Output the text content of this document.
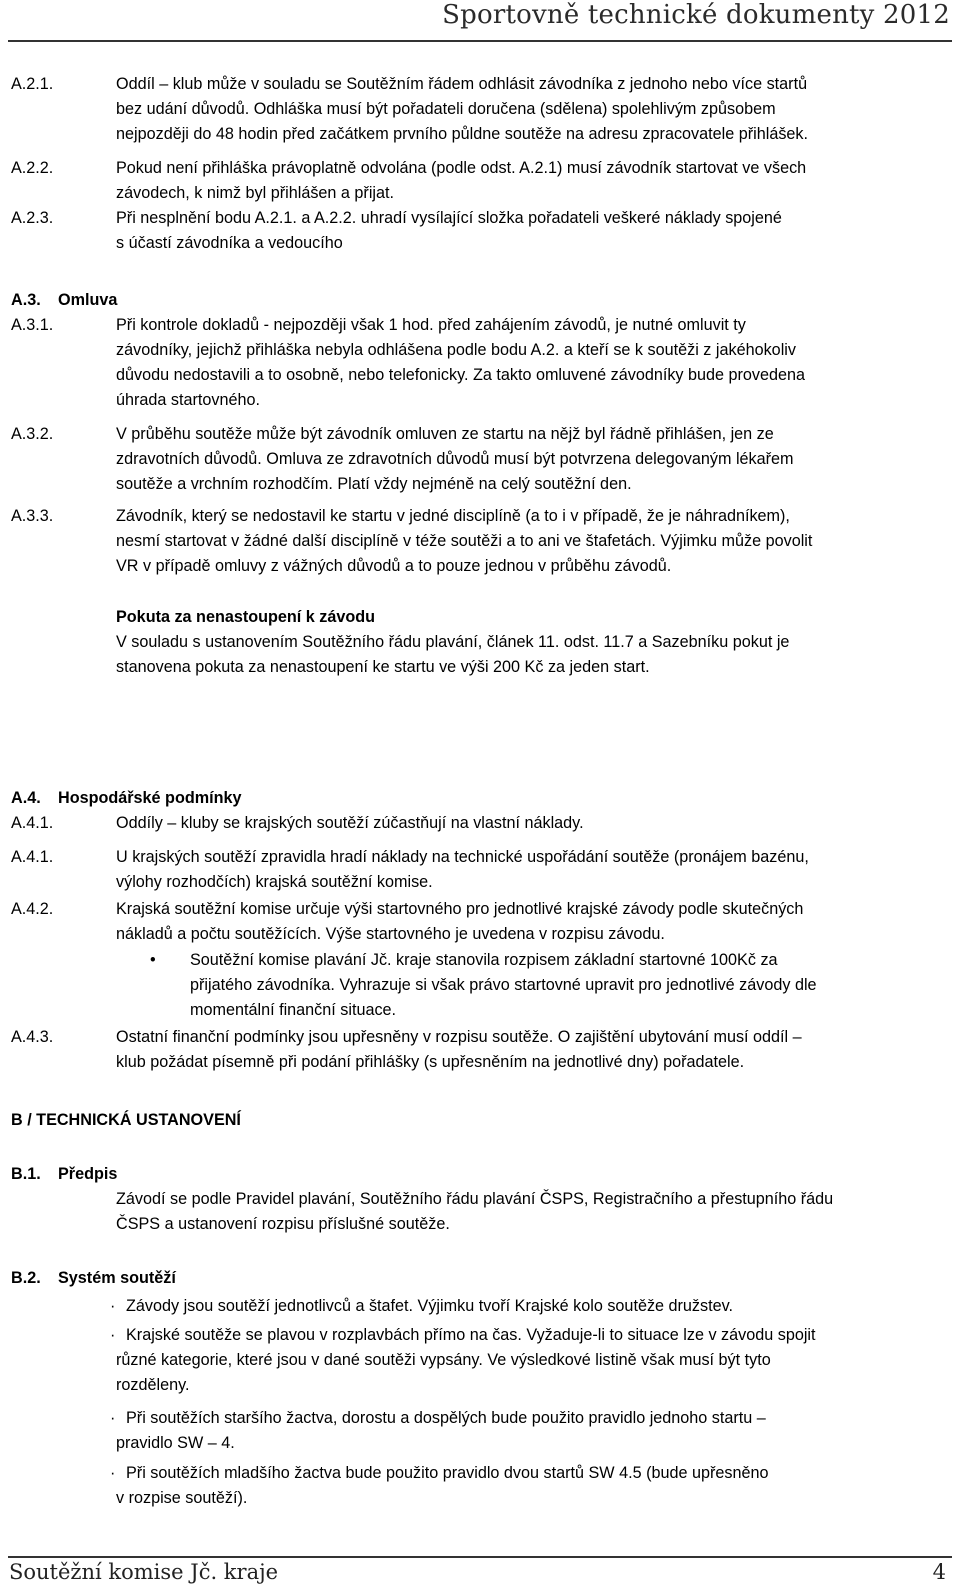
Sportovně technické dokumenty 2012
A.2.1.	Oddíl – klub může v souladu se Soutěžním řádem odhlásit závodníka z jednoho nebo více startů
bez udání důvodů. Odhláška musí být pořadateli doručena (sdělena) spolehlivým způsobem
nejpozději do 48 hodin před začátkem prvního půldne soutěže na adresu zpracovatele přihlášek.
A.2.2.	Pokud není přihláška právoplatně odvolána (podle odst. A.2.1) musí závodník startovat ve všech
závodech, k nimž byl přihlášen a přijat.
A.2.3.	Při nesplnění bodu A.2.1. a A.2.2. uhradí vysílající složka pořadateli veškeré náklady spojené
s účastí závodníka a vedoucího
A.3. Omluva
A.3.1.	Při kontrole dokladů - nejpozději však 1 hod. před zahájením závodů, je nutné omluvit ty
závodníky, jejichž přihláška nebyla odhlášena podle bodu A.2. a kteří se k soutěži z jakéhokoliv
důvodu nedostavili a to osobně, nebo telefonicky. Za takto omluvené závodníky bude provedena
úhrada startovného.
A.3.2.	V průběhu soutěže může být závodník omluven ze startu na nějž byl řádně přihlášen, jen ze
zdravotních důvodů. Omluva ze zdravotních důvodů musí být potvrzena delegovaným lékařem
soutěže a vrchním rozhodčím. Platí vždy nejméně na celý soutěžní den.
A.3.3.	Závodník, který se nedostavil ke startu v jedné disciplíně (a to i v případě, že je náhradníkem),
nesmí startovat v žádné další disciplíně v téže soutěži a to ani ve štafetách. Výjimku může povolit
VR v případě omluvy z vážných důvodů a to pouze jednou v průběhu závodů.
Pokuta za nenastoupení k závodu
V souladu s ustanovením Soutěžního řádu plavání, článek 11. odst. 11.7 a Sazebníku pokut je
stanovena pokuta za nenastoupení ke startu ve výši 200 Kč za jeden start.
A.4. Hospodářské podmínky
A.4.1.	Oddíly – kluby se krajských soutěží zúčastňují na vlastní náklady.
A.4.1.	U krajských soutěží zpravidla hradí náklady na technické uspořádání soutěže (pronájem bazénu,
výlohy rozhodčích) krajská soutěžní komise.
A.4.2.	Krajská soutěžní komise určuje výši startovného pro jednotlivé krajské závody podle skutečných
nákladů a počtu soutěžících. Výše startovného je uvedena v rozpisu závodu.
• Soutěžní komise plavání Jč. kraje stanovila rozpisem základní startovné 100Kč za
přijatého závodníka. Vyhrazuje si však právo startovné upravit pro jednotlivé závody dle
momentální finanční situace.
A.4.3.	Ostatní finanční podmínky jsou upřesněny v rozpisu soutěže. O zajištění ubytování musí oddíl –
klub požádat písemně při podání přihlášky (s upřesněním na jednotlivé dny) pořadatele.
B / TECHNICKÁ USTANOVENÍ
B.1. Předpis
Závodí se podle Pravidel plavání, Soutěžního řádu plavání ČSPS, Registračního a přestupního řádu
ČSPS a ustanovení rozpisu příslušné soutěže.
B.2. Systém soutěží
· Závody jsou soutěží jednotlivců a štafet. Výjimku tvoří Krajské kolo soutěže družstev.
· Krajské soutěže se plavou v rozplavbách přímo na čas. Vyžaduje-li to situace lze v závodu spojit
různé kategorie, které jsou v dané soutěži vypsány. Ve výsledkové listině však musí být tyto
rozděleny.
· Při soutěžích staršího žactva, dorostu a dospělých bude použito pravidlo jednoho startu –
pravidlo SW – 4.
· Při soutěžích mladšího žactva bude použito pravidlo dvou startů SW 4.5 (bude upřesněno
v rozpise soutěží).
Soutěžní komise Jč. kraje	4
